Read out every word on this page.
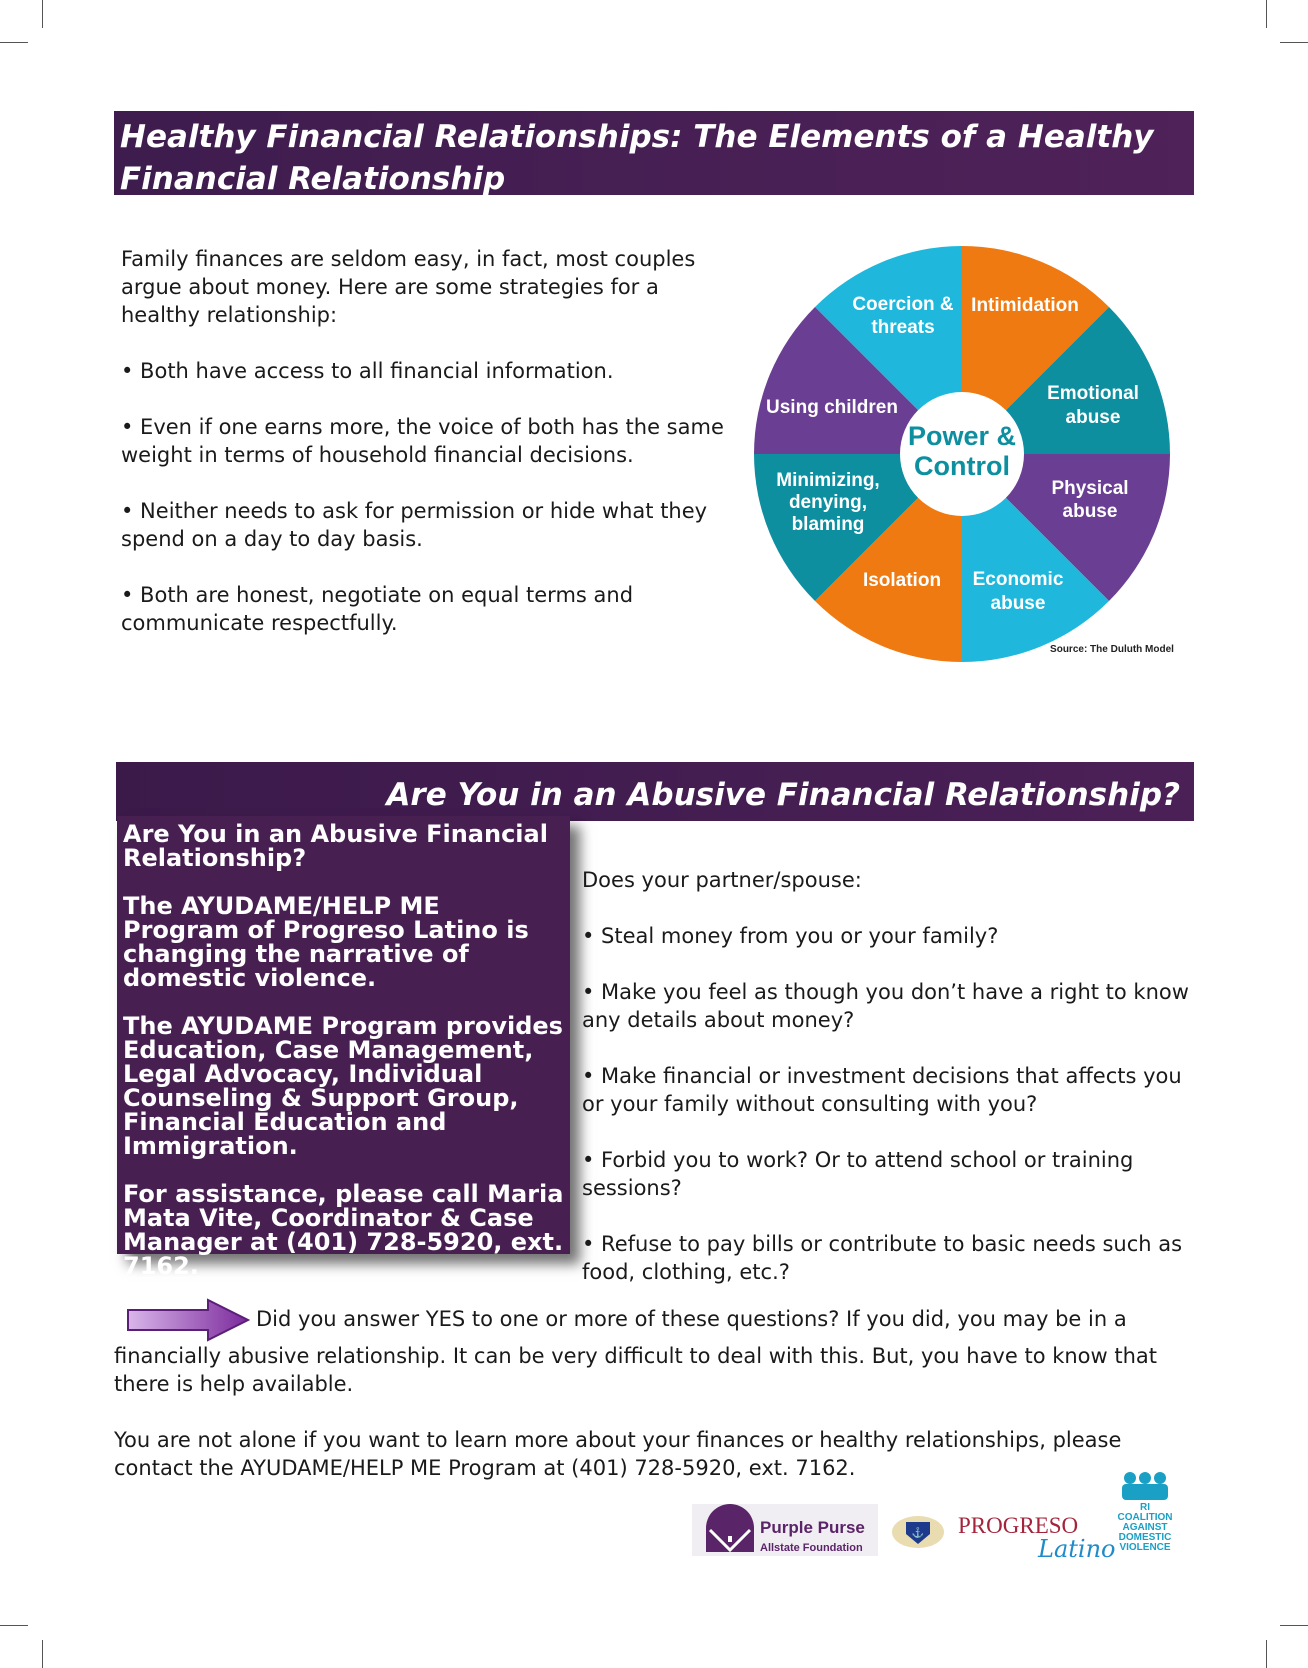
Healthy Financial Relationships: The Elements of a Healthy
Financial Relationship

Family finances are seldom easy, in fact, most couples argue about money. Here are some strategies for a healthy relationship:

• Both have access to all financial information.

• Even if one earns more, the voice of both has the same weight in terms of household financial decisions.

• Neither needs to ask for permission or hide what they spend on a day to day basis.

• Both are honest, negotiate on equal terms and communicate respectfully.

Coercion &
threats
Intimidation
Emotional
abuse
Physical
abuse
Economic
abuse
Isolation
Minimizing,
denying,
blaming
Using children
Power &
Control
Source: The Duluth Model
Are You in an Abusive Financial Relationship?

Are You in an Abusive Financial Relationship?

The AYUDAME/HELP ME Program of Progreso Latino is changing the narrative of domestic violence.

The AYUDAME Program provides Education, Case Management, Legal Advocacy, Individual Counseling & Support Group, Financial Education and Immigration.

For assistance, please call Maria Mata Vite, Coordinator & Case Manager at (401) 728-5920, ext. 7162.

Does your partner/spouse:

• Steal money from you or your family?

• Make you feel as though you don’t have a right to know any details about money?

• Make financial or investment decisions that affects you or your family without consulting with you?

• Forbid you to work? Or to attend school or training sessions?

• Refuse to pay bills or contribute to basic needs such as food, clothing, etc.?

Did you answer YES to one or more of these questions? If you did, you may be in a financially abusive relationship. It can be very difficult to deal with this. But, you have to know that there is help available.

You are not alone if you want to learn more about your finances or healthy relationships, please contact the AYUDAME/HELP ME Program at (401) 728-5920, ext. 7162.

Purple Purse
Allstate Foundation
⚓ PROGRESO
Latino
RI
COALITION
AGAINST
DOMESTIC
VIOLENCE
